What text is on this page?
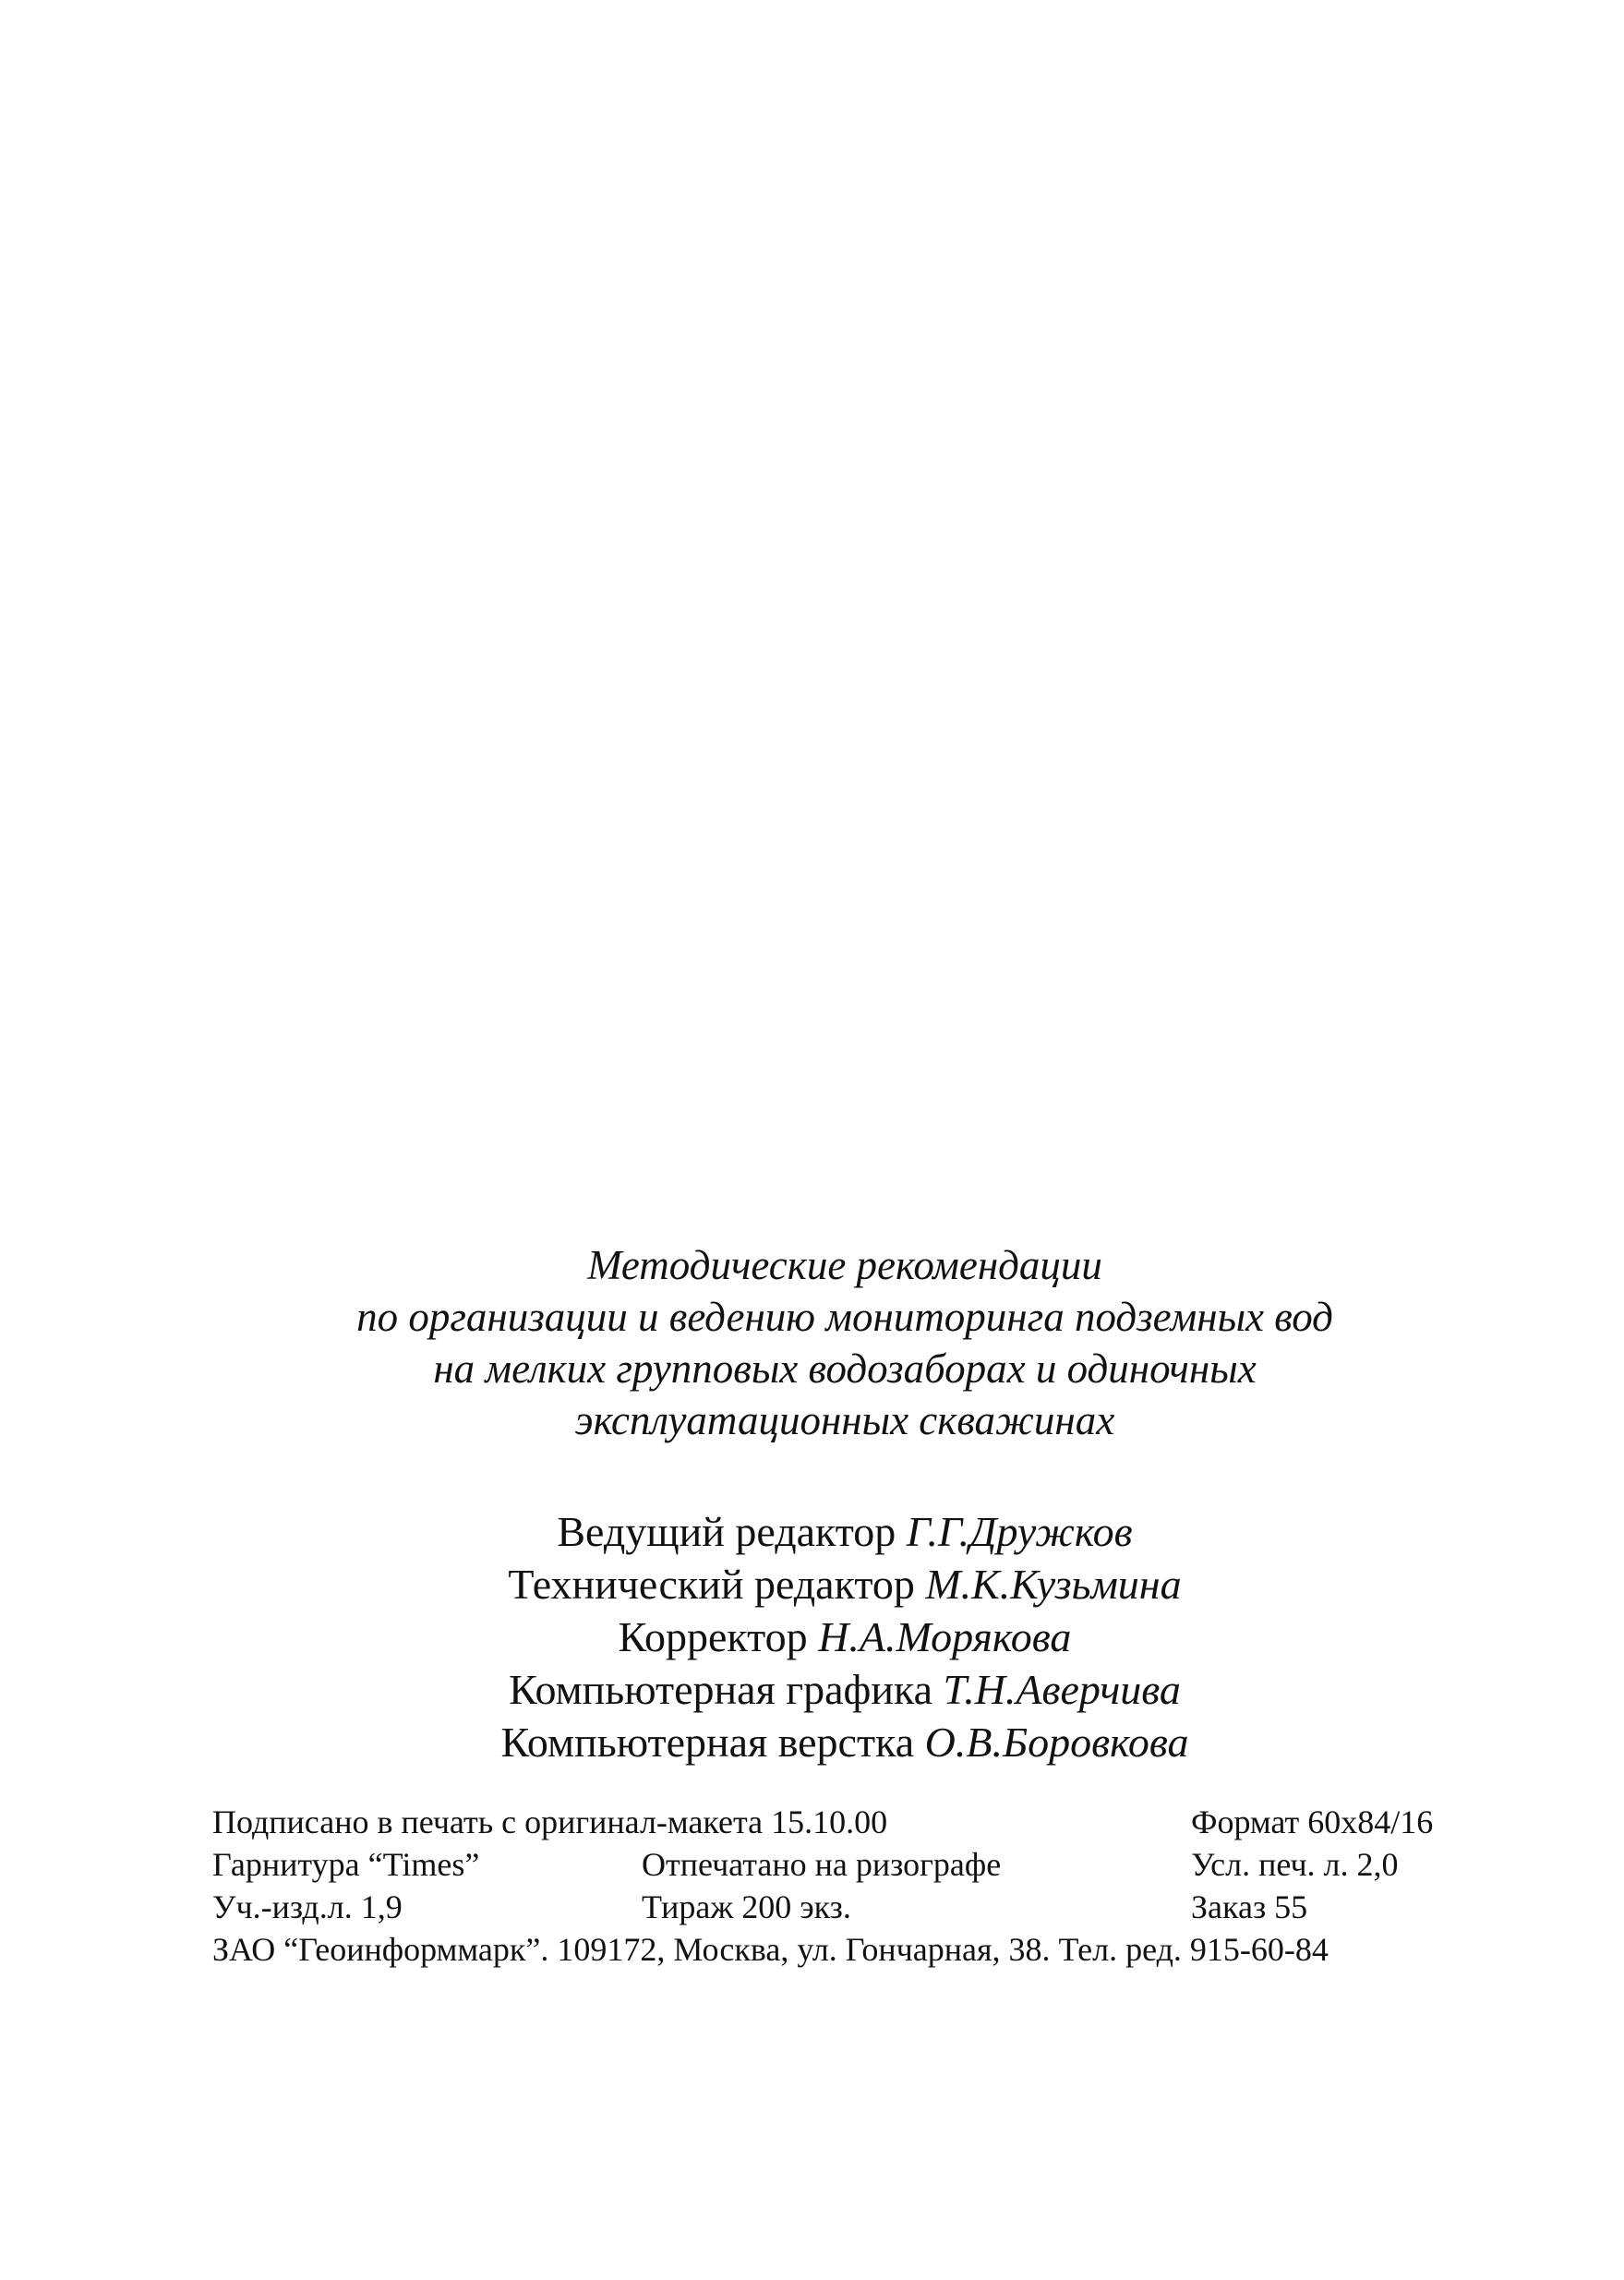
Методические рекомендации
по организации и ведению мониторинга подземных вод
на мелких групповых водозаборах и одиночных
эксплуатационных скважинах
Ведущий редактор Г.Г.Дружков
Технический редактор М.К.Кузьмина
Корректор Н.А.Морякова
Компьютерная графика Т.Н.Аверчива
Компьютерная верстка О.В.Боровкова
Подписано в печать с оригинал-макета 15.10.00	Формат 60x84/16
Гарнитура “Times”	Отпечатано на ризографе	Усл. печ. л. 2,0
Уч.-изд.л. 1,9	Тираж 200 экз.	Заказ 55
ЗАО “Геоинформмарк”. 109172, Москва, ул. Гончарная, 38. Тел. ред. 915-60-84
